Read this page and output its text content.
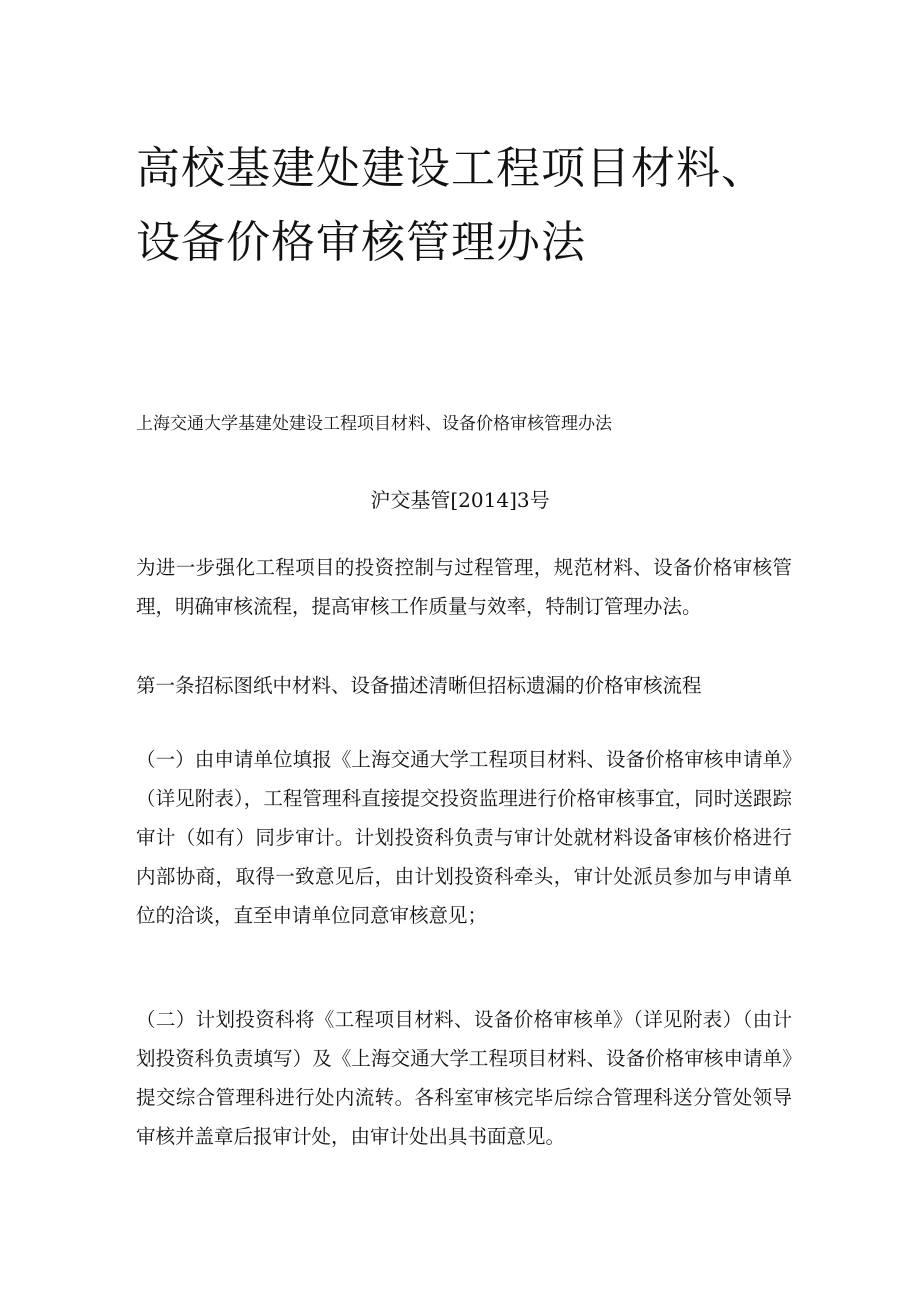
高校基建处建设工程项目材料、设备价格审核管理办法
上海交通大学基建处建设工程项目材料、设备价格审核管理办法
沪交基管[2014]3号

为进一步强化工程项目的投资控制与过程管理，规范材料、设备价格审核管理，明确审核流程，提高审核工作质量与效率，特制订管理办法。

第一条招标图纸中材料、设备描述清晰但招标遗漏的价格审核流程

（一）由申请单位填报《上海交通大学工程项目材料、设备价格审核申请单》（详见附表），工程管理科直接提交投资监理进行价格审核事宜，同时送跟踪审计（如有）同步审计。计划投资科负责与审计处就材料设备审核价格进行内部协商，取得一致意见后，由计划投资科牵头，审计处派员参加与申请单位的洽谈，直至申请单位同意审核意见；

（二）计划投资科将《工程项目材料、设备价格审核单》（详见附表）（由计划投资科负责填写）及《上海交通大学工程项目材料、设备价格审核申请单》提交综合管理科进行处内流转。各科室审核完毕后综合管理科送分管处领导审核并盖章后报审计处，由审计处出具书面意见。
